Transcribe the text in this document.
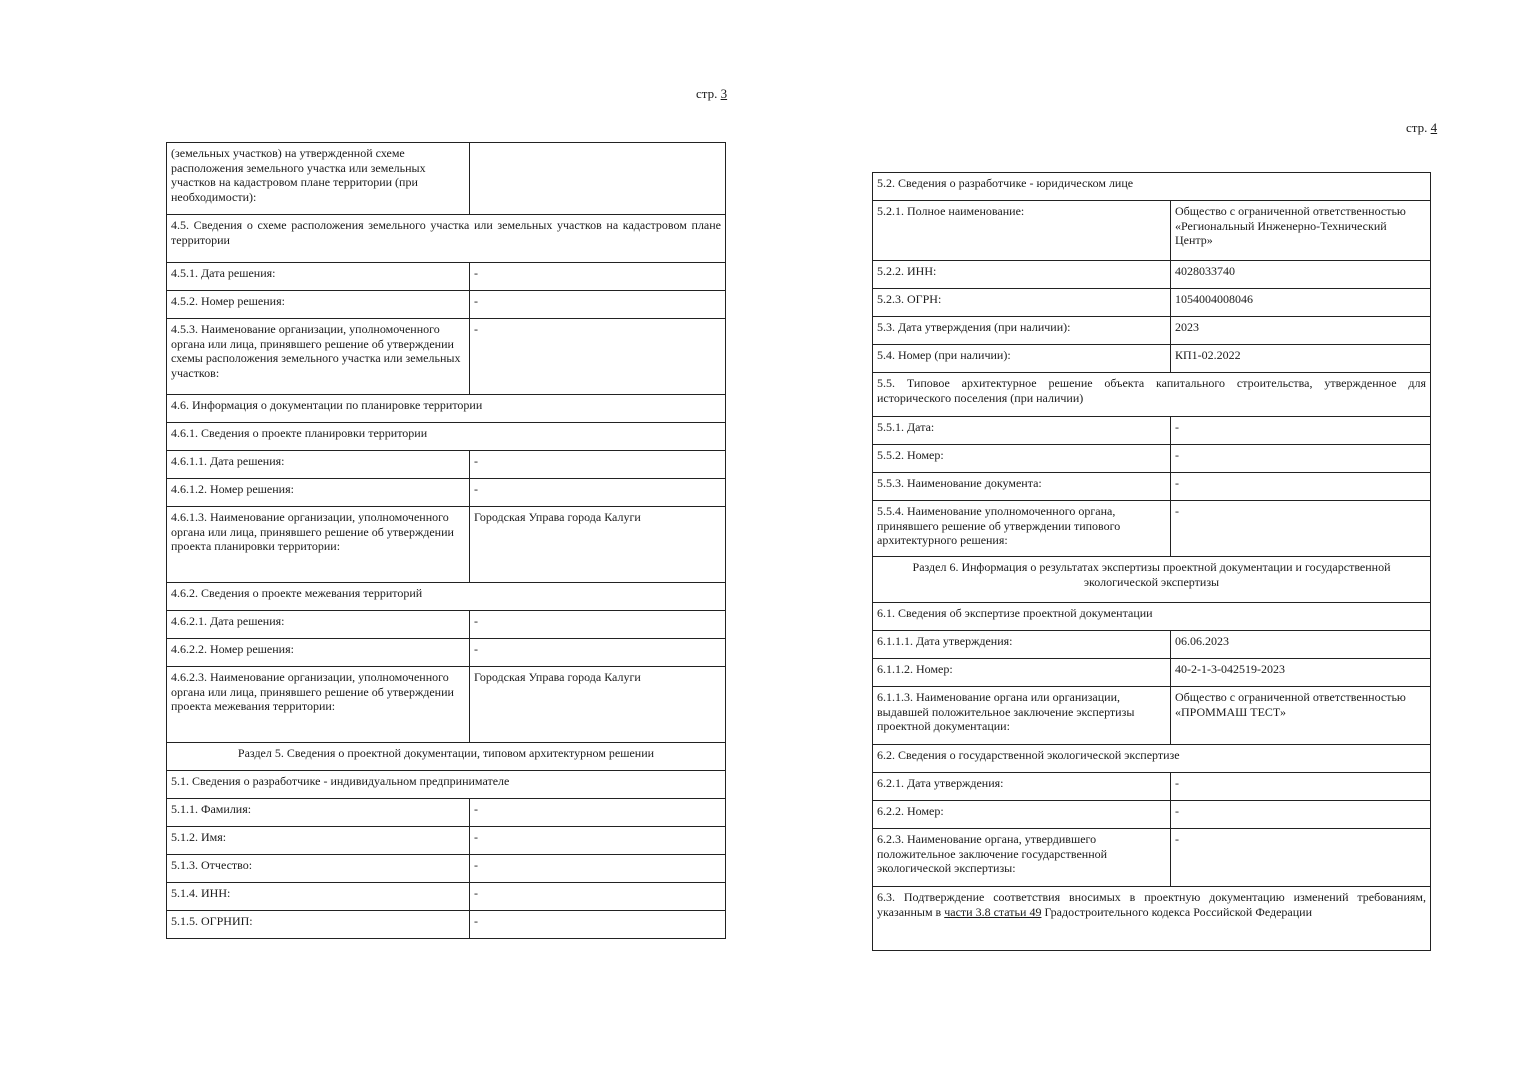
стр. 3
(земельных участков) на утвержденной схеме расположения земельного участка или земельных участков на кадастровом плане территории (при необходимости):	
4.5. Сведения о схеме расположения земельного участка или земельных участков на кадастровом плане территории	
4.5.1. Дата решения:	-
4.5.2. Номер решения:	-
4.5.3. Наименование организации, уполномоченного органа или лица, принявшего решение об утверждении схемы расположения земельного участка или земельных участков:	-
4.6. Информация о документации по планировке территории	
4.6.1. Сведения о проекте планировки территории	
4.6.1.1. Дата решения:	-
4.6.1.2. Номер решения:	-
4.6.1.3. Наименование организации, уполномоченного органа или лица, принявшего решение об утверждении проекта планировки территории:	Городская Управа города Калуги
4.6.2. Сведения о проекте межевания территорий	
4.6.2.1. Дата решения:	-
4.6.2.2. Номер решения:	-
4.6.2.3. Наименование организации, уполномоченного органа или лица, принявшего решение об утверждении проекта межевания территории:	Городская Управа города Калуги
Раздел 5. Сведения о проектной документации, типовом архитектурном решении	
5.1. Сведения о разработчике - индивидуальном предпринимателе	
5.1.1. Фамилия:	-
5.1.2. Имя:	-
5.1.3. Отчество:	-
5.1.4. ИНН:	-
5.1.5. ОГРНИП:	-
стр. 4
5.2. Сведения о разработчике - юридическом лице	
5.2.1. Полное наименование:	Общество с ограниченной ответственностью «Региональный Инженерно-Технический Центр»
5.2.2. ИНН:	4028033740
5.2.3. ОГРН:	1054004008046
5.3. Дата утверждения (при наличии):	2023
5.4. Номер (при наличии):	КП1-02.2022
5.5. Типовое архитектурное решение объекта капитального строительства, утвержденное для исторического поселения (при наличии)	
5.5.1. Дата:	-
5.5.2. Номер:	-
5.5.3. Наименование документа:	-
5.5.4. Наименование уполномоченного органа, принявшего решение об утверждении типового архитектурного решения:	-
Раздел 6. Информация о результатах экспертизы проектной документации и государственной экологической экспертизы	
6.1. Сведения об экспертизе проектной документации	
6.1.1.1. Дата утверждения:	06.06.2023
6.1.1.2. Номер:	40-2-1-3-042519-2023
6.1.1.3. Наименование органа или организации, выдавшей положительное заключение экспертизы проектной документации:	Общество с ограниченной ответственностью «ПРОММАШ ТЕСТ»
6.2. Сведения о государственной экологической экспертизе	
6.2.1. Дата утверждения:	-
6.2.2. Номер:	-
6.2.3. Наименование органа, утвердившего положительное заключение государственной экологической экспертизы:	-
6.3. Подтверждение соответствия вносимых в проектную документацию изменений требованиям, указанным в части 3.8 статьи 49 Градостроительного кодекса Российской Федерации	
